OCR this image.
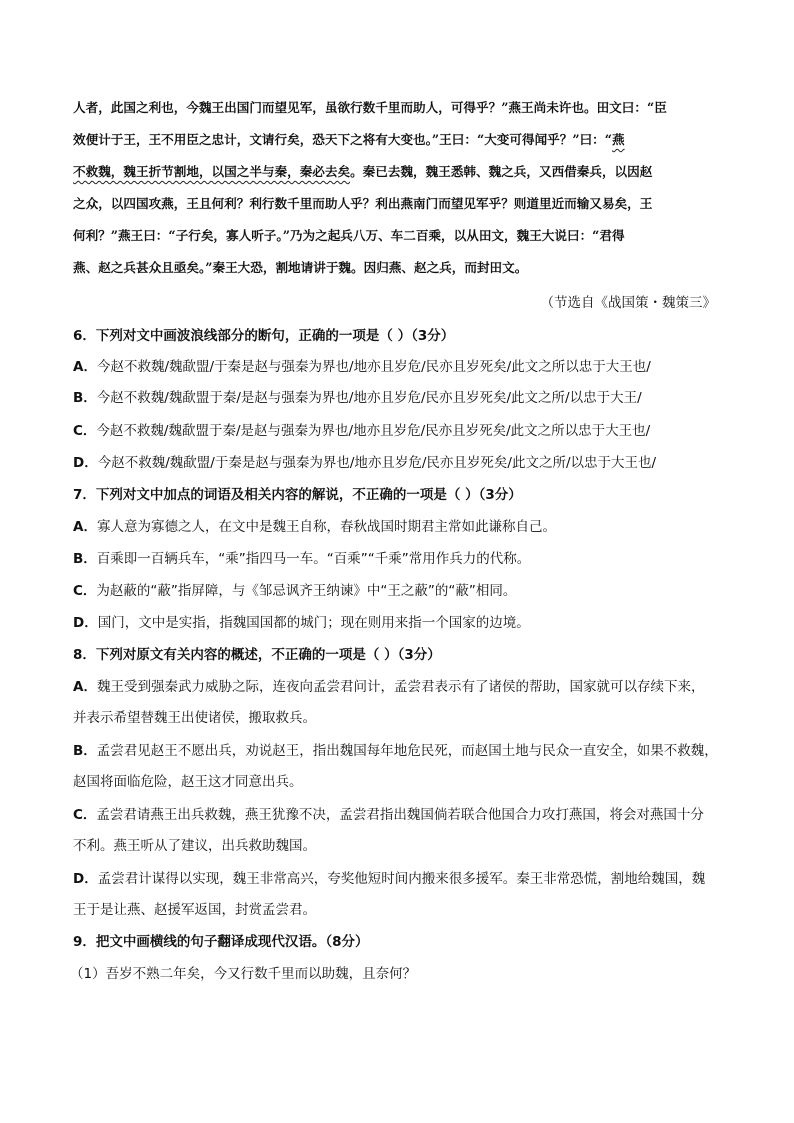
人者，此国之利也，今魏王出国门而望见军，虽欲行数千里而助人，可得乎？”燕王尚未许也。田文曰：“臣
效便计于王，王不用臣之忠计，文请行矣，恐天下之将有大变也。”王曰：“大变可得闻乎？”曰：“燕
不救魏，魏王折节割地，以国之半与秦，秦必去矣。秦已去魏，魏王悉韩、魏之兵，又西借秦兵，以因赵
之众，以四国攻燕，王且何利？利行数千里而助人乎？利出燕南门而望见军乎？则道里近而输又易矣，王
何利？”燕王曰：“子行矣，寡人听子。”乃为之起兵八万、车二百乘，以从田文，魏王大说曰：“君得
燕、赵之兵甚众且亟矣。”秦王大恐，割地请讲于魏。因归燕、赵之兵，而封田文。
（节选自《战国策・魏策三》
6．下列对文中画波浪线部分的断句，正确的一项是（ ）（3分）
A．今赵不救魏/魏歃盟/于秦是赵与强秦为界也/地亦且岁危/民亦且岁死矣/此文之所以忠于大王也/
B．今赵不救魏/魏歃盟于秦/是赵与强秦为界也/地亦且岁危/民亦且岁死矣/此文之所/以忠于大王/
C．今赵不救魏/魏歃盟于秦/是赵与强秦为界也/地亦且岁危/民亦且岁死矣/此文之所以忠于大王也/
D．今赵不救魏/魏歃盟/于秦是赵与强秦为界也/地亦且岁危/民亦且岁死矣/此文之所/以忠于大王也/
7．下列对文中加点的词语及相关内容的解说，不正确的一项是（ ）（3分）
A．寡人意为寡德之人，在文中是魏王自称，春秋战国时期君主常如此谦称自己。
B．百乘即一百辆兵车，“乘”指四马一车。“百乘”“千乘”常用作兵力的代称。
C．为赵蔽的“蔽”指屏障，与《邹忌讽齐王纳谏》中“王之蔽”的“蔽”相同。
D．国门，文中是实指，指魏国国都的城门；现在则用来指一个国家的边境。
8．下列对原文有关内容的概述，不正确的一项是（ ）（3分）
A．魏王受到强秦武力威胁之际，连夜向孟尝君问计，孟尝君表示有了诸侯的帮助，国家就可以存续下来，
并表示希望替魏王出使诸侯，搬取救兵。
B．孟尝君见赵王不愿出兵，劝说赵王，指出魏国每年地危民死，而赵国土地与民众一直安全，如果不救魏，
赵国将面临危险，赵王这才同意出兵。
C．孟尝君请燕王出兵救魏，燕王犹豫不决，孟尝君指出魏国倘若联合他国合力攻打燕国，将会对燕国十分
不利。燕王听从了建议，出兵救助魏国。
D．孟尝君计谋得以实现，魏王非常高兴，夸奖他短时间内搬来很多援军。秦王非常恐慌，割地给魏国，魏
王于是让燕、赵援军返国，封赏孟尝君。
9．把文中画横线的句子翻译成现代汉语。（8分）
（1）吾岁不熟二年矣，今又行数千里而以助魏，且奈何？
